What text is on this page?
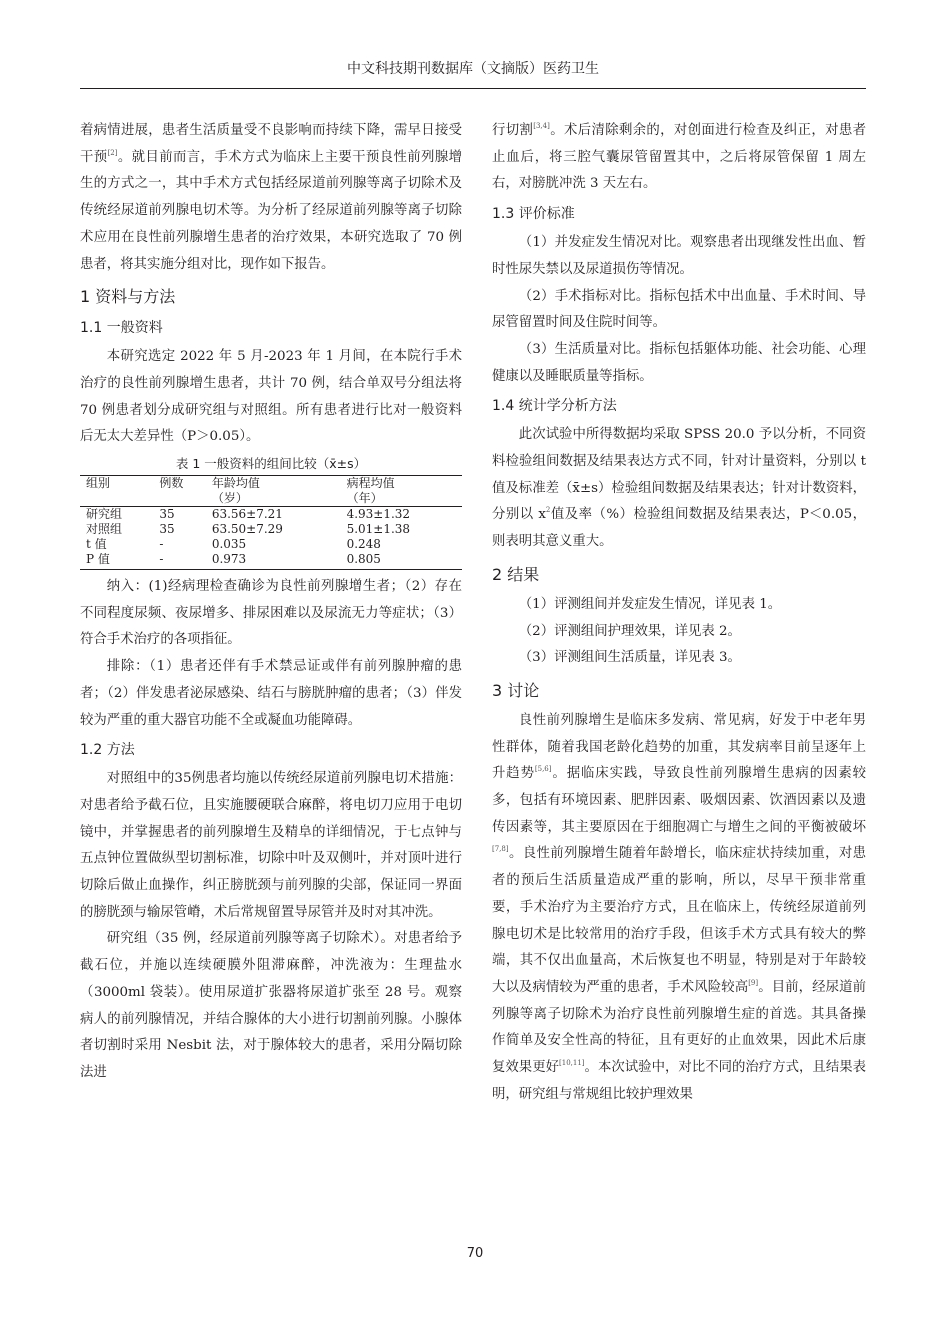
中文科技期刊数据库（文摘版）医药卫生

着病情进展，患者生活质量受不良影响而持续下降，需早日接受干预[2]。就目前而言，手术方式为临床上主要干预良性前列腺增生的方式之一，其中手术方式包括经尿道前列腺等离子切除术及传统经尿道前列腺电切术等。为分析了经尿道前列腺等离子切除术应用在良性前列腺增生患者的治疗效果，本研究选取了 70 例患者，将其实施分组对比，现作如下报告。

1 资料与方法
1.1 一般资料

本研究选定 2022 年 5 月-2023 年 1 月间，在本院行手术治疗的良性前列腺增生患者，共计 70 例，结合单双号分组法将 70 例患者划分成研究组与对照组。所有患者进行比对一般资料后无太大差异性（P＞0.05）。

表 1 一般资料的组间比较（x̄±s）
组别	例数	年龄均值	病程均值
		（岁）	（年）
研究组	35	63.56±7.21	4.93±1.32
对照组	35	63.50±7.29	5.01±1.38
t 值	-	0.035	0.248
P 值	-	0.973	0.805

纳入：(1)经病理检查确诊为良性前列腺增生者；（2）存在不同程度尿频、夜尿增多、排尿困难以及尿流无力等症状；（3）符合手术治疗的各项指征。

排除：（1）患者还伴有手术禁忌证或伴有前列腺肿瘤的患者；（2）伴发患者泌尿感染、结石与膀胱肿瘤的患者；（3）伴发较为严重的重大器官功能不全或凝血功能障碍。

1.2 方法

对照组中的35例患者均施以传统经尿道前列腺电切术措施：对患者给予截石位，且实施腰硬联合麻醉，将电切刀应用于电切镜中，并掌握患者的前列腺增生及精阜的详细情况，于七点钟与五点钟位置做纵型切割标准，切除中叶及双侧叶，并对顶叶进行切除后做止血操作，纠正膀胱颈与前列腺的尖部，保证同一界面的膀胱颈与输尿管嵴，术后常规留置导尿管并及时对其冲洗。

研究组（35 例，经尿道前列腺等离子切除术）。对患者给予截石位，并施以连续硬膜外阻滞麻醉，冲洗液为：生理盐水（3000ml 袋装）。使用尿道扩张器将尿道扩张至 28 号。观察病人的前列腺情况，并结合腺体的大小进行切割前列腺。小腺体者切割时采用 Nesbit 法，对于腺体较大的患者，采用分隔切除法进

行切割[3,4]。术后清除剩余的，对创面进行检查及纠正，对患者止血后，将三腔气囊尿管留置其中，之后将尿管保留 1 周左右，对膀胱冲洗 3 天左右。

1.3 评价标准

（1）并发症发生情况对比。观察患者出现继发性出血、暂时性尿失禁以及尿道损伤等情况。

（2）手术指标对比。指标包括术中出血量、手术时间、导尿管留置时间及住院时间等。

（3）生活质量对比。指标包括躯体功能、社会功能、心理健康以及睡眠质量等指标。

1.4 统计学分析方法

此次试验中所得数据均采取 SPSS 20.0 予以分析，不同资料检验组间数据及结果表达方式不同，针对计量资料，分别以 t 值及标准差（x̄±s）检验组间数据及结果表达；针对计数资料，分别以 $x^2$值及率（%）检验组间数据及结果表达，P＜0.05，则表明其意义重大。

2 结果

（1）评测组间并发症发生情况，详见表 1。

（2）评测组间护理效果，详见表 2。

（3）评测组间生活质量，详见表 3。

3 讨论

良性前列腺增生是临床多发病、常见病，好发于中老年男性群体，随着我国老龄化趋势的加重，其发病率目前呈逐年上升趋势[5,6]。据临床实践，导致良性前列腺增生患病的因素较多，包括有环境因素、肥胖因素、吸烟因素、饮酒因素以及遗传因素等，其主要原因在于细胞凋亡与增生之间的平衡被破坏[7,8]。良性前列腺增生随着年龄增长，临床症状持续加重，对患者的预后生活质量造成严重的影响，所以，尽早干预非常重要，手术治疗为主要治疗方式，且在临床上，传统经尿道前列腺电切术是比较常用的治疗手段，但该手术方式具有较大的弊端，其不仅出血量高，术后恢复也不明显，特别是对于年龄较大以及病情较为严重的患者，手术风险较高[9]。目前，经尿道前列腺等离子切除术为治疗良性前列腺增生症的首选。其具备操作简单及安全性高的特征，且有更好的止血效果，因此术后康复效果更好[10,11]。本次试验中，对比不同的治疗方式，且结果表明，研究组与常规组比较护理效果

70
